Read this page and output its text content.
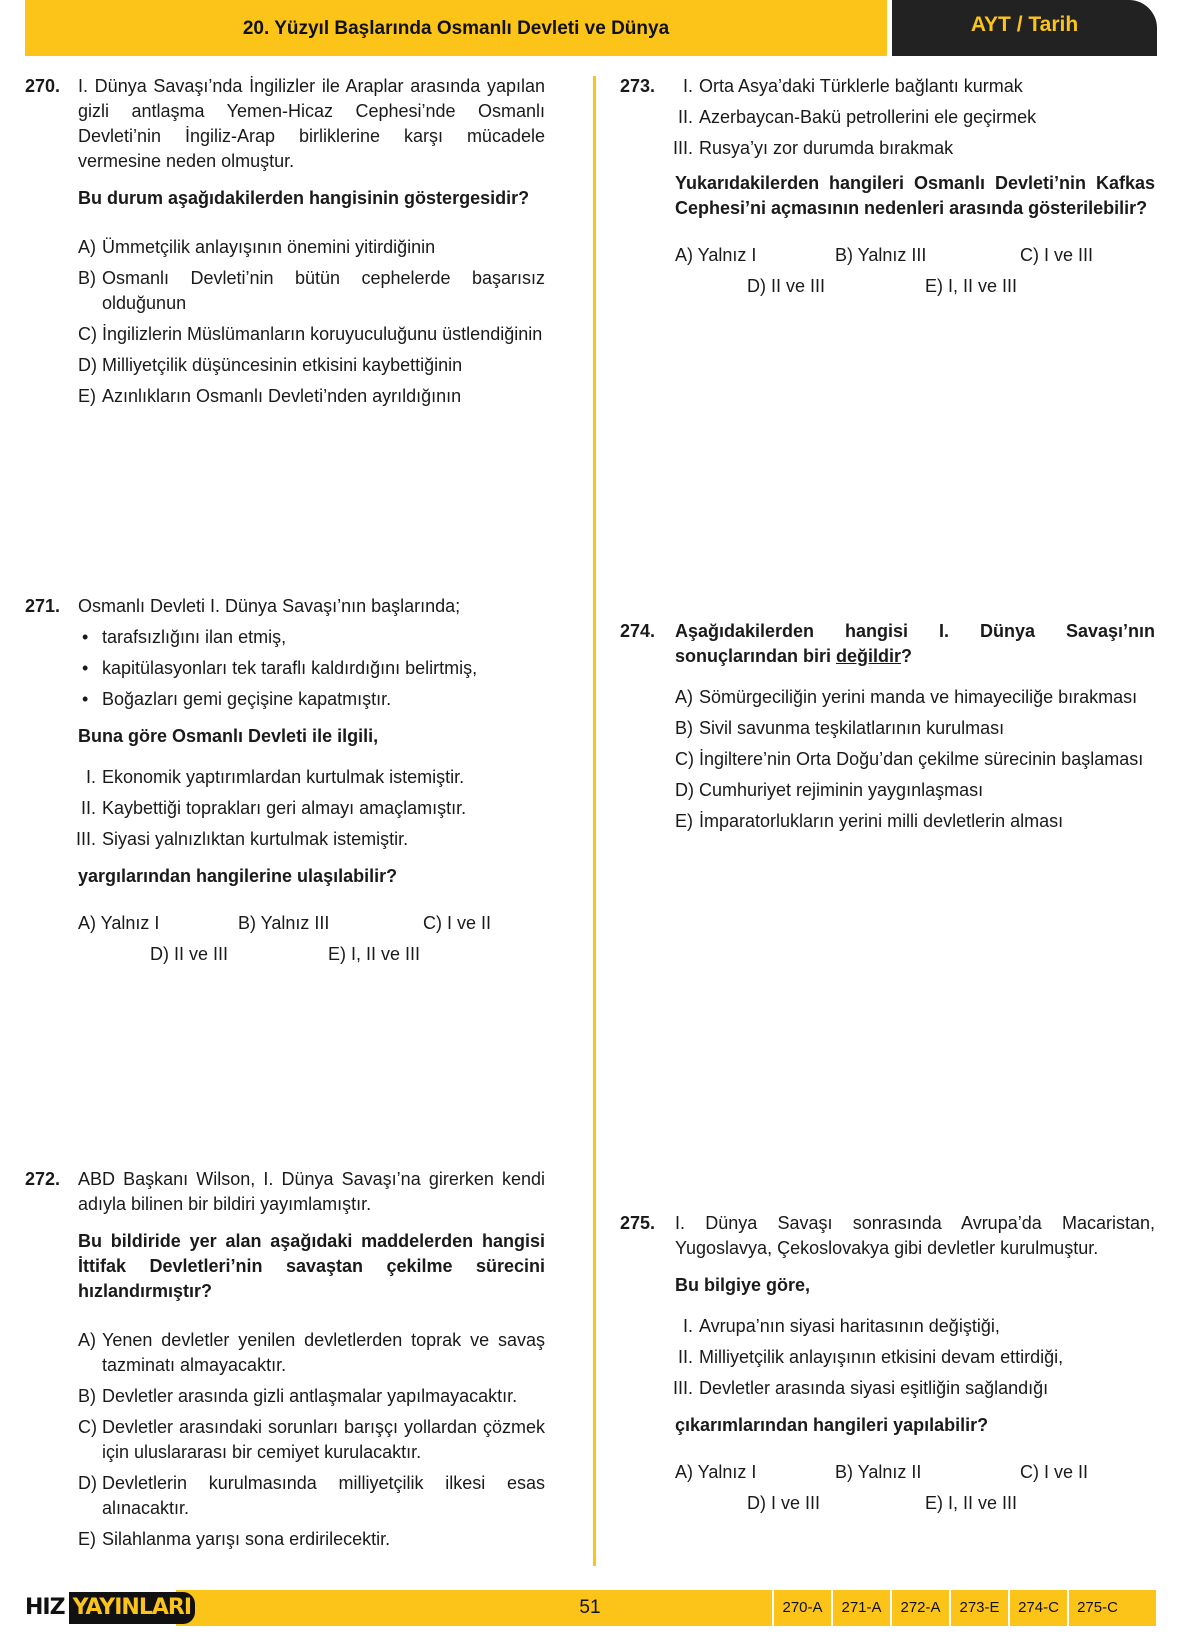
20. Yüzyıl Başlarında Osmanlı Devleti ve Dünya	AYT / Tarih
270. I. Dünya Savaşı’nda İngilizler ile Araplar arasında yapılan gizli antlaşma Yemen-Hicaz Cephesi’nde Osmanlı Devleti’nin İngiliz-Arap birliklerine karşı mücadele vermesine neden olmuştur.
Bu durum aşağıdakilerden hangisinin göstergesidir?
A) Ümmetçilik anlayışının önemini yitirdiğinin
B) Osmanlı Devleti’nin bütün cephelerde başarısız olduğunun
C) İngilizlerin Müslümanların koruyuculuğunu üstlendiğinin
D) Milliyetçilik düşüncesinin etkisini kaybettiğinin
E) Azınlıkların Osmanlı Devleti’nden ayrıldığının
271. Osmanlı Devleti I. Dünya Savaşı’nın başlarında;
• tarafsızlığını ilan etmiş,
• kapitülasyonları tek taraflı kaldırdığını belirtmiş,
• Boğazları gemi geçişine kapatmıştır.
Buna göre Osmanlı Devleti ile ilgili,
I. Ekonomik yaptırımlardan kurtulmak istemiştir.
II. Kaybettiği toprakları geri almayı amaçlamıştır.
III. Siyasi yalnızlıktan kurtulmak istemiştir.
yargılarından hangilerine ulaşılabilir?
A) Yalnız I	B) Yalnız III	C) I ve II
D) II ve III	E) I, II ve III
272. ABD Başkanı Wilson, I. Dünya Savaşı’na girerken kendi adıyla bilinen bir bildiri yayımlamıştır.
Bu bildiride yer alan aşağıdaki maddelerden hangisi İttifak Devletleri’nin savaştan çekilme sürecini hızlandırmıştır?
A) Yenen devletler yenilen devletlerden toprak ve savaş tazminatı almayacaktır.
B) Devletler arasında gizli antlaşmalar yapılmayacaktır.
C) Devletler arasındaki sorunları barışçı yollardan çözmek için uluslararası bir cemiyet kurulacaktır.
D) Devletlerin kurulmasında milliyetçilik ilkesi esas alınacaktır.
E) Silahlanma yarışı sona erdirilecektir.
273.	I. Orta Asya’daki Türklerle bağlantı kurmak
II. Azerbaycan-Bakü petrollerini ele geçirmek
III. Rusya’yı zor durumda bırakmak
Yukarıdakilerden hangileri Osmanlı Devleti’nin Kafkas Cephesi’ni açmasının nedenleri arasında gösterilebilir?
A) Yalnız I	B) Yalnız III	C) I ve III
D) II ve III	E) I, II ve III
274. Aşağıdakilerden hangisi I. Dünya Savaşı’nın sonuçlarından biri değildir?
A) Sömürgeciliğin yerini manda ve himayeciliğe bırakması
B) Sivil savunma teşkilatlarının kurulması
C) İngiltere’nin Orta Doğu’dan çekilme sürecinin başlaması
D) Cumhuriyet rejiminin yaygınlaşması
E) İmparatorlukların yerini milli devletlerin alması
275. I. Dünya Savaşı sonrasında Avrupa’da Macaristan, Yugoslavya, Çekoslovakya gibi devletler kurulmuştur.
Bu bilgiye göre,
I. Avrupa’nın siyasi haritasının değiştiği,
II. Milliyetçilik anlayışının etkisini devam ettirdiği,
III. Devletler arasında siyasi eşitliğin sağlandığı
çıkarımlarından hangileri yapılabilir?
A) Yalnız I	B) Yalnız II	C) I ve II
D) I ve III	E) I, II ve III
HIZ YAYINLARI	51	270-A	271-A	272-A	273-E	274-C	275-C
